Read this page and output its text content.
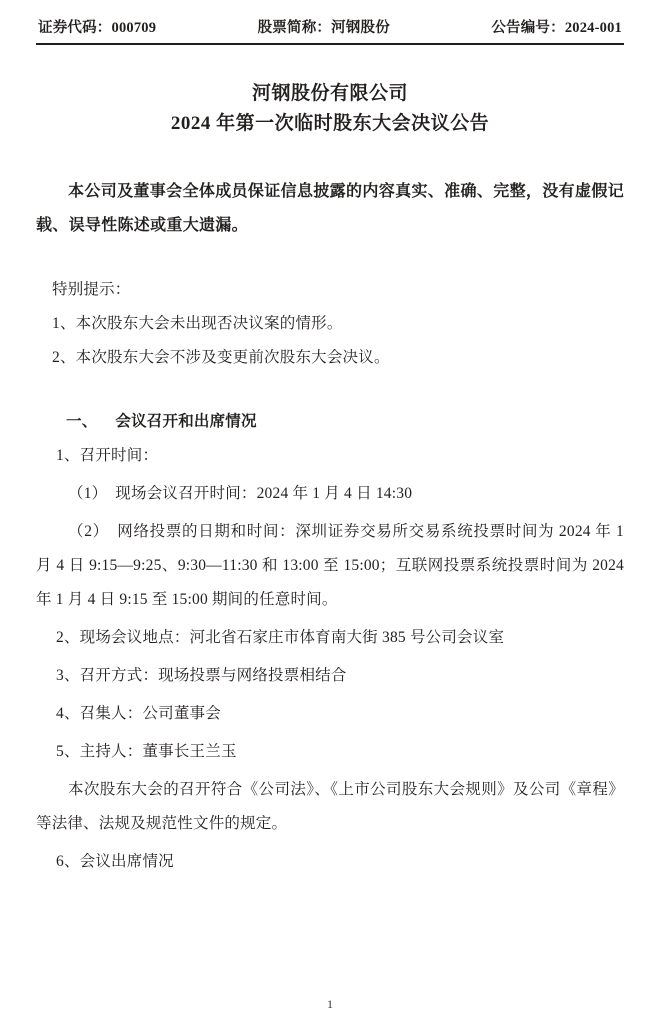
证券代码：000709	股票简称：河钢股份	公告编号：2024-001
河钢股份有限公司
2024 年第一次临时股东大会决议公告
本公司及董事会全体成员保证信息披露的内容真实、准确、完整，没有虚假记载、误导性陈述或重大遗漏。
特别提示：
1、本次股东大会未出现否决议案的情形。
2、本次股东大会不涉及变更前次股东大会决议。
一、 会议召开和出席情况
1、召开时间：
（1）　现场会议召开时间：2024 年 1 月 4 日 14:30
（2）　网络投票的日期和时间：深圳证券交易所交易系统投票时间为 2024 年 1 月 4 日 9:15—9:25、9:30—11:30 和 13:00 至 15:00；互联网投票系统投票时间为 2024 年 1 月 4 日 9:15 至 15:00 期间的任意时间。
2、现场会议地点：河北省石家庄市体育南大街 385 号公司会议室
3、召开方式：现场投票与网络投票相结合
4、召集人：公司董事会
5、主持人：董事长王兰玉
本次股东大会的召开符合《公司法》、《上市公司股东大会规则》及公司《章程》等法律、法规及规范性文件的规定。
6、会议出席情况
1
